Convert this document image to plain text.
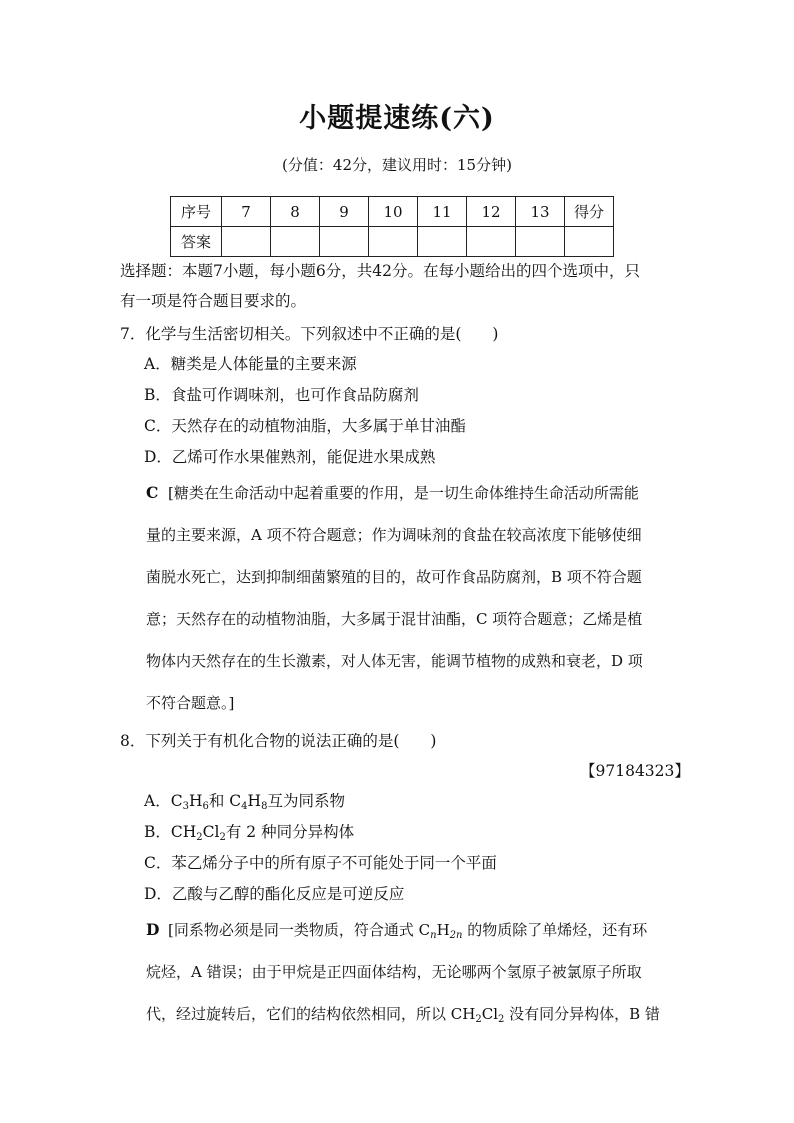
小题提速练(六)
(分值：42分，建议用时：15分钟)
序号	7	8	9	10	11	12	13	得分
答案								
选择题：本题7小题，每小题6分，共42分。在每小题给出的四个选项中，只
有一项是符合题目要求的。
7．化学与生活密切相关。下列叙述中不正确的是(　　)
A．糖类是人体能量的主要来源
B．食盐可作调味剂，也可作食品防腐剂
C．天然存在的动植物油脂，大多属于单甘油酯
D．乙烯可作水果催熟剂，能促进水果成熟
C [糖类在生命活动中起着重要的作用，是一切生命体维持生命活动所需能
量的主要来源，A 项不符合题意；作为调味剂的食盐在较高浓度下能够使细
菌脱水死亡，达到抑制细菌繁殖的目的，故可作食品防腐剂，B 项不符合题
意；天然存在的动植物油脂，大多属于混甘油酯，C 项符合题意；乙烯是植
物体内天然存在的生长激素，对人体无害，能调节植物的成熟和衰老，D 项
不符合题意。]
8．下列关于有机化合物的说法正确的是(　　)
【97184323】
A．$C_3H_6$和 $C_4H_8$互为同系物
B．$CH_2Cl_2$有 2 种同分异构体
C．苯乙烯分子中的所有原子不可能处于同一个平面
D．乙酸与乙醇的酯化反应是可逆反应
D [同系物必须是同一类物质，符合通式 $C_nH_{2n}$ 的物质除了单烯烃，还有环
烷烃，A 错误；由于甲烷是正四面体结构，无论哪两个氢原子被氯原子所取
代，经过旋转后，它们的结构依然相同，所以 $CH_2Cl_2$ 没有同分异构体，B 错
